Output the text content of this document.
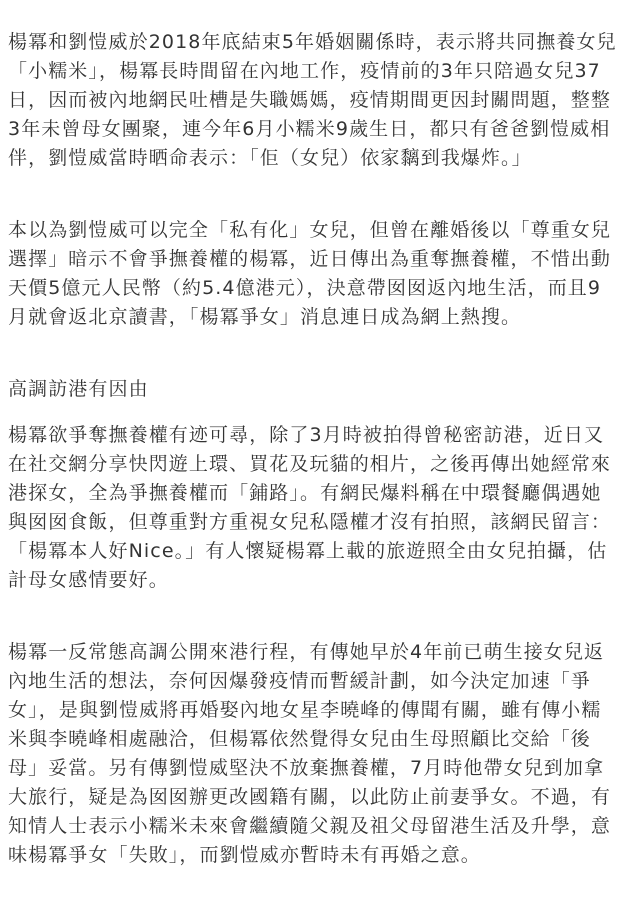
楊冪和劉愷威於2018年底結束5年婚姻關係時，表示將共同撫養女兒
「小糯米」，楊冪長時間留在內地工作，疫情前的3年只陪過女兒37
日，因而被內地網民吐槽是失職媽媽，疫情期間更因封關問題，整整
3年未曾母女團聚，連今年6月小糯米9歲生日，都只有爸爸劉愷威相
伴，劉愷威當時晒命表示：「佢（女兒）依家黐到我爆炸。」

本以為劉愷威可以完全「私有化」女兒，但曾在離婚後以「尊重女兒
選擇」暗示不會爭撫養權的楊冪，近日傳出為重奪撫養權，不惜出動
天價5億元人民幣（約5.4億港元），決意帶囡囡返內地生活，而且9
月就會返北京讀書，「楊冪爭女」消息連日成為網上熱搜。

高調訪港有因由

楊冪欲爭奪撫養權有迹可尋，除了3月時被拍得曾秘密訪港，近日又
在社交網分享快閃遊上環、買花及玩貓的相片，之後再傳出她經常來
港探女，全為爭撫養權而「鋪路」。有網民爆料稱在中環餐廳偶遇她
與囡囡食飯，但尊重對方重視女兒私隱權才沒有拍照，該網民留言：
「楊冪本人好Nice。」有人懷疑楊冪上載的旅遊照全由女兒拍攝，估
計母女感情要好。

楊冪一反常態高調公開來港行程，有傳她早於4年前已萌生接女兒返
內地生活的想法，奈何因爆發疫情而暫緩計劃，如今決定加速「爭
女」，是與劉愷威將再婚娶內地女星李曉峰的傳聞有關，雖有傳小糯
米與李曉峰相處融洽，但楊冪依然覺得女兒由生母照顧比交給「後
母」妥當。另有傳劉愷威堅決不放棄撫養權，7月時他帶女兒到加拿
大旅行，疑是為囡囡辦更改國籍有關，以此防止前妻爭女。不過，有
知情人士表示小糯米未來會繼續隨父親及祖父母留港生活及升學，意
味楊冪爭女「失敗」，而劉愷威亦暫時未有再婚之意。
